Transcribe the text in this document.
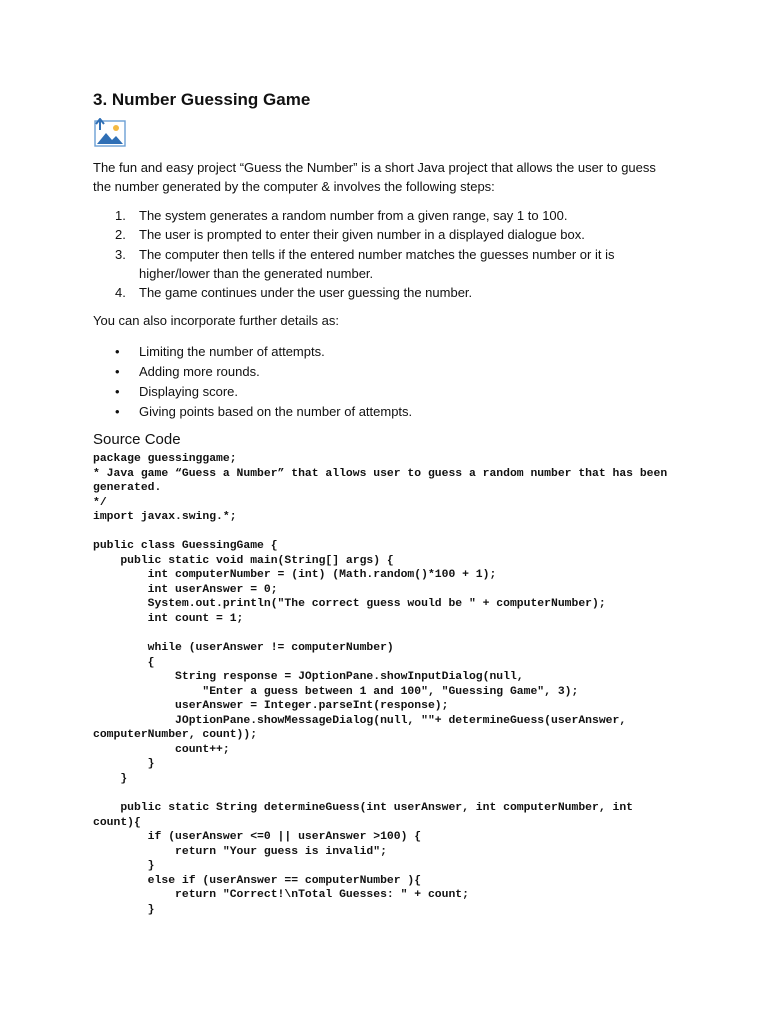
3. Number Guessing Game
The fun and easy project “Guess the Number” is a short Java project that allows the user to guess the number generated by the computer & involves the following steps:
1. The system generates a random number from a given range, say 1 to 100.
2. The user is prompted to enter their given number in a displayed dialogue box.
3. The computer then tells if the entered number matches the guesses number or it is higher/lower than the generated number.
4. The game continues under the user guessing the number.
You can also incorporate further details as:
• Limiting the number of attempts.
• Adding more rounds.
• Displaying score.
• Giving points based on the number of attempts.
Source Code
package guessinggame;
* Java game “Guess a Number” that allows user to guess a random number that has been
generated.
*/
import javax.swing.*;

public class GuessingGame {
public static void main(String[] args) {
int computerNumber = (int) (Math.random()*100 + 1);
int userAnswer = 0;
System.out.println("The correct guess would be " + computerNumber);
int count = 1;

while (userAnswer != computerNumber)
{
String response = JOptionPane.showInputDialog(null,
"Enter a guess between 1 and 100", "Guessing Game", 3);
userAnswer = Integer.parseInt(response);
JOptionPane.showMessageDialog(null, ""+ determineGuess(userAnswer,
computerNumber, count));
count++;
}
}

public static String determineGuess(int userAnswer, int computerNumber, int
count){
if (userAnswer <=0 || userAnswer >100) {
return "Your guess is invalid";
}
else if (userAnswer == computerNumber ){
return "Correct!\nTotal Guesses: " + count;
}
